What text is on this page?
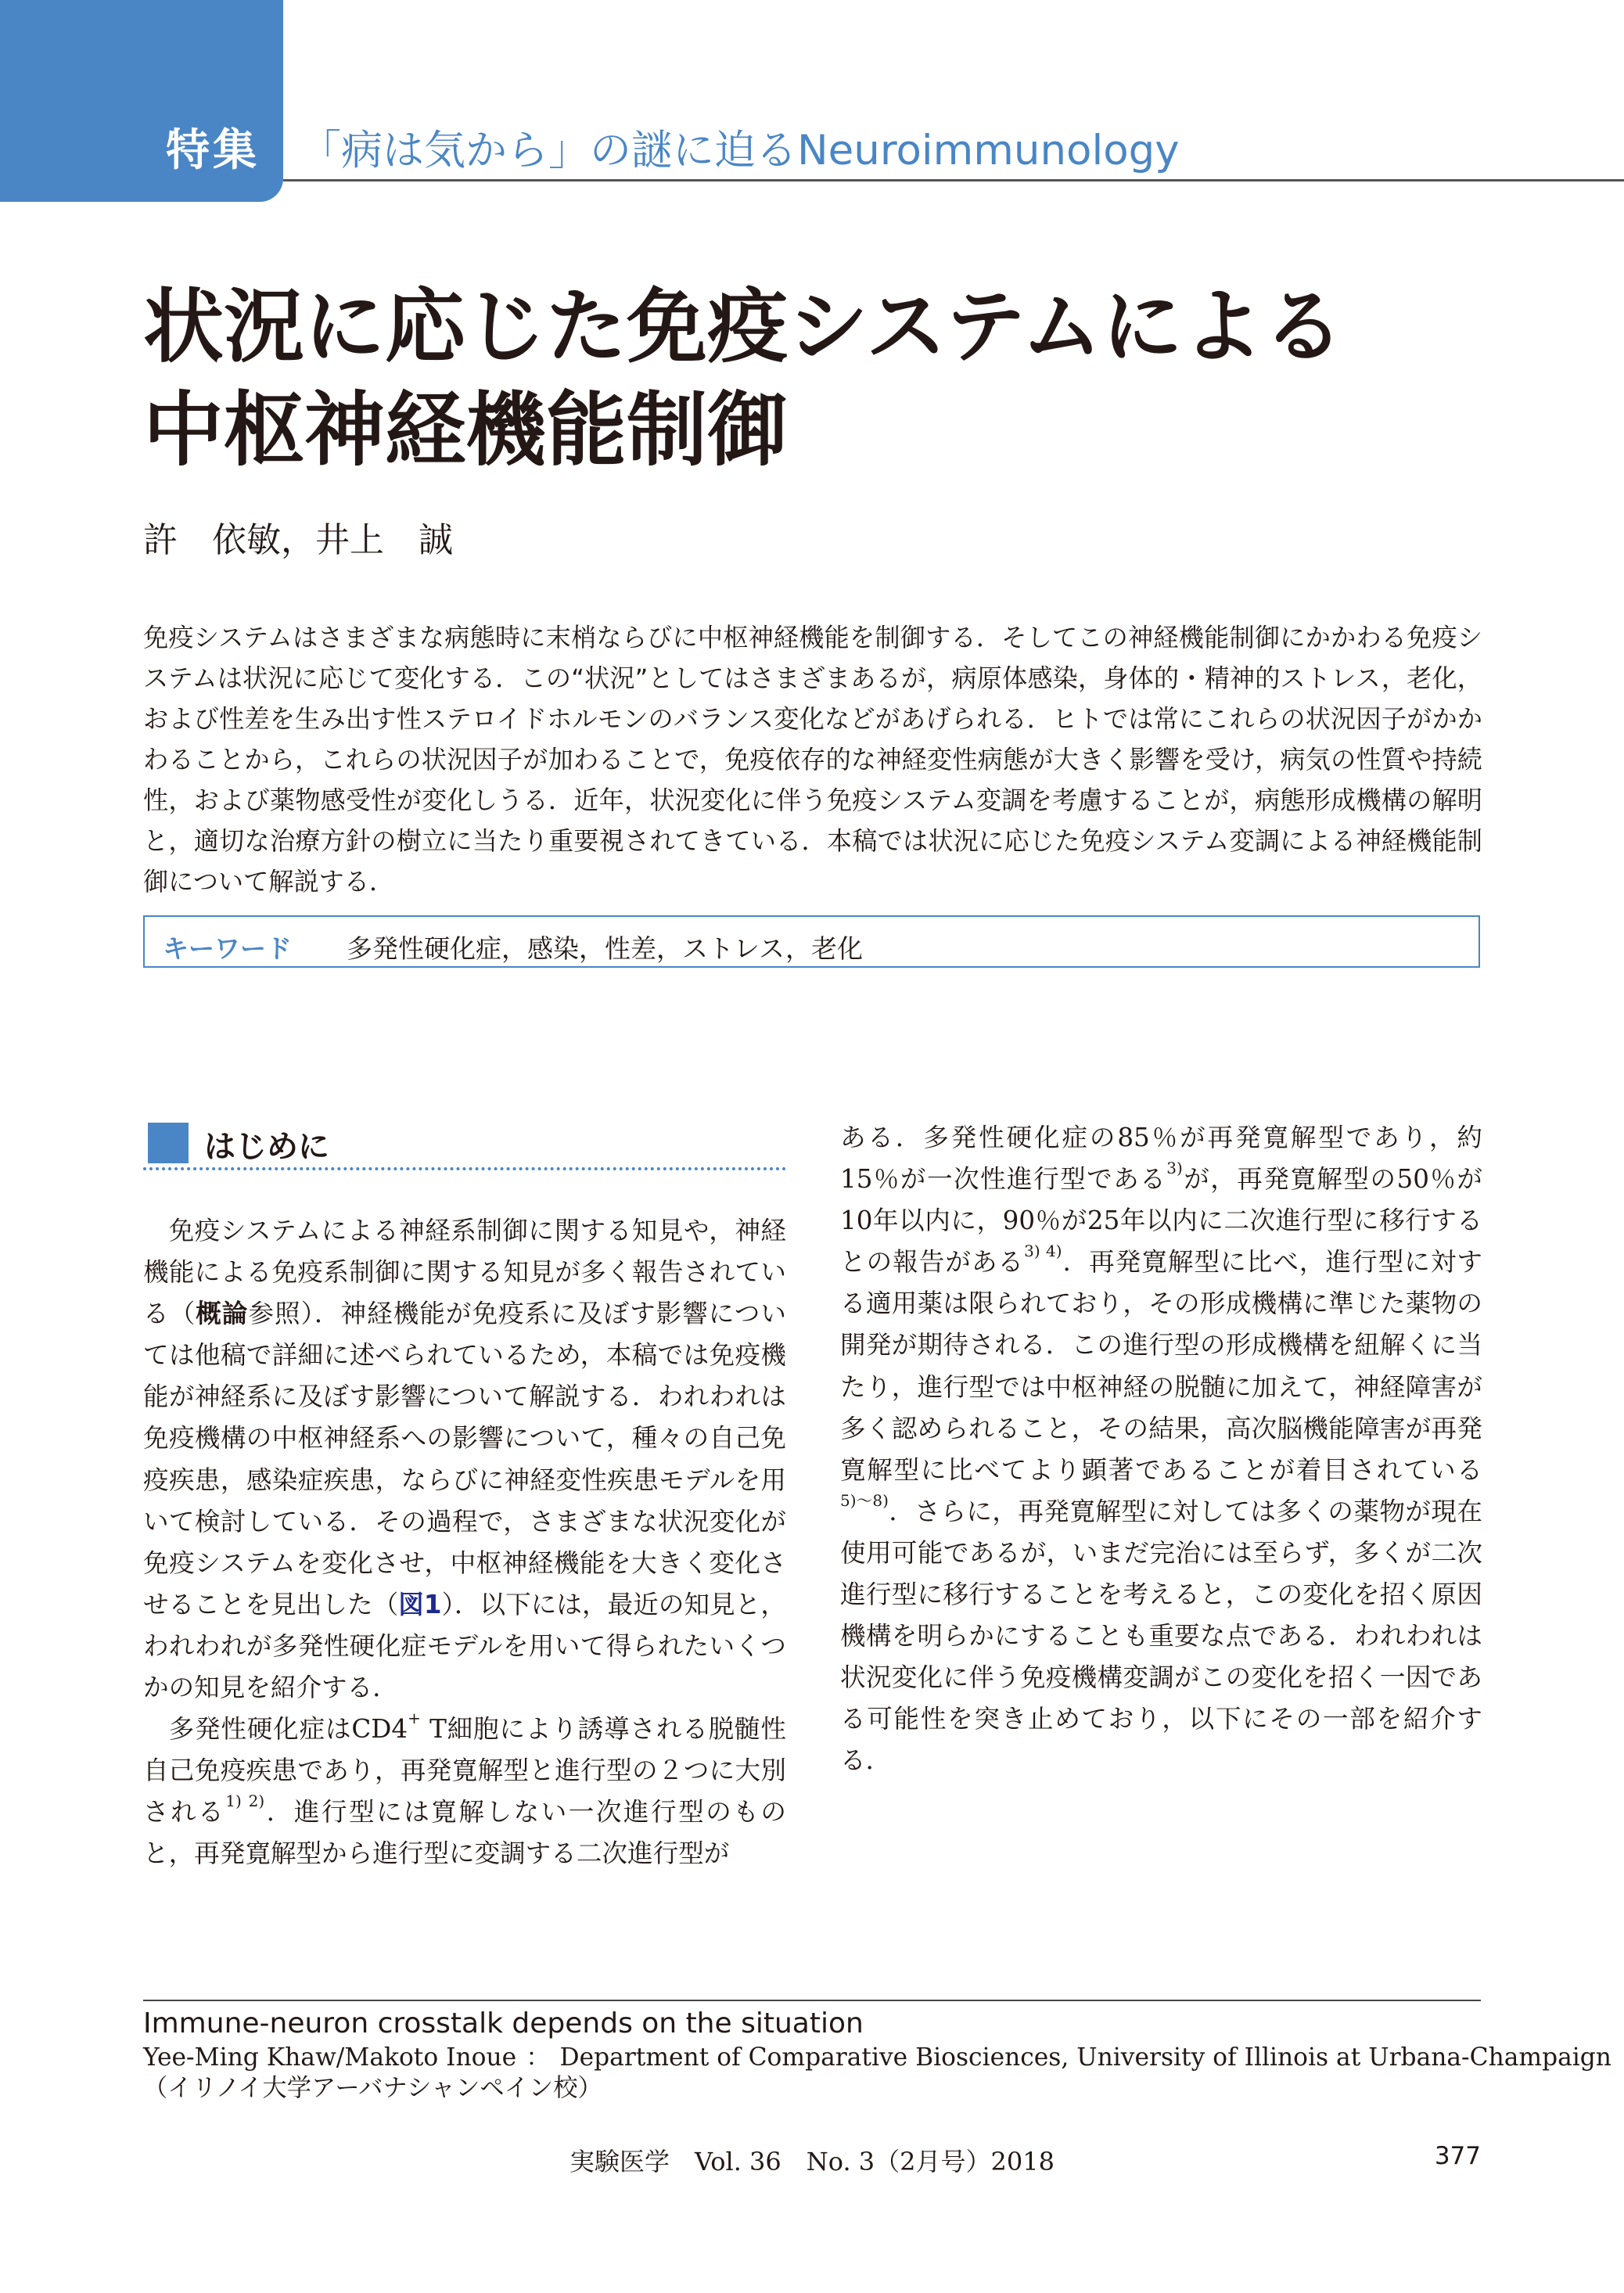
特集 「病は気から」の謎に迫るNeuroimmunology
状況に応じた免疫システムによる
中枢神経機能制御
許　依敏，井上　誠

免疫システムはさまざまな病態時に末梢ならびに中枢神経機能を制御する．そしてこの神経機能制御にかかわる免疫システムは状況に応じて変化する．この“状況”としてはさまざまあるが，病原体感染，身体的・精神的ストレス，老化，および性差を生み出す性ステロイドホルモンのバランス変化などがあげられる．ヒトでは常にこれらの状況因子がかかわることから，これらの状況因子が加わることで，免疫依存的な神経変性病態が大きく影響を受け，病気の性質や持続性，および薬物感受性が変化しうる．近年，状況変化に伴う免疫システム変調を考慮することが，病態形成機構の解明と，適切な治療方針の樹立に当たり重要視されてきている．本稿では状況に応じた免疫システム変調による神経機能制御について解説する．

キーワード 多発性硬化症，感染，性差，ストレス，老化
はじめに

免疫システムによる神経系制御に関する知見や，神経機能による免疫系制御に関する知見が多く報告されている（概論参照）．神経機能が免疫系に及ぼす影響については他稿で詳細に述べられているため，本稿では免疫機能が神経系に及ぼす影響について解説する．われわれは免疫機構の中枢神経系への影響について，種々の自己免疫疾患，感染症疾患，ならびに神経変性疾患モデルを用いて検討している．その過程で，さまざまな状況変化が免疫システムを変化させ，中枢神経機能を大きく変化させることを見出した（図1）．以下には，最近の知見と，われわれが多発性硬化症モデルを用いて得られたいくつかの知見を紹介する．

多発性硬化症はCD4+ T細胞により誘導される脱髄性自己免疫疾患であり，再発寛解型と進行型の２つに大別される$^{1) 2)}$．進行型には寛解しない一次進行型のものと，再発寛解型から進行型に変調する二次進行型が

ある．多発性硬化症の85％が再発寛解型であり，約15％が一次性進行型である$^{3)}$が，再発寛解型の50％が10年以内に，90％が25年以内に二次進行型に移行するとの報告がある$^{3) 4)}$．再発寛解型に比べ，進行型に対する適用薬は限られており，その形成機構に準じた薬物の開発が期待される．この進行型の形成機構を紐解くに当たり，進行型では中枢神経の脱髄に加えて，神経障害が多く認められること，その結果，高次脳機能障害が再発寛解型に比べてより顕著であることが着目されている$^{5)〜8)}$．さらに，再発寛解型に対しては多くの薬物が現在使用可能であるが，いまだ完治には至らず，多くが二次進行型に移行することを考えると，この変化を招く原因機構を明らかにすることも重要な点である．われわれは状況変化に伴う免疫機構変調がこの変化を招く一因である可能性を突き止めており，以下にその一部を紹介する．

Immune-neuron crosstalk depends on the situation
Yee-Ming Khaw/Makoto Inoue ： Department of Comparative Biosciences, University of Illinois at Urbana-Champaign
（イリノイ大学アーバナシャンペイン校）
実験医学　Vol. 36　No. 3（2月号）2018	377
